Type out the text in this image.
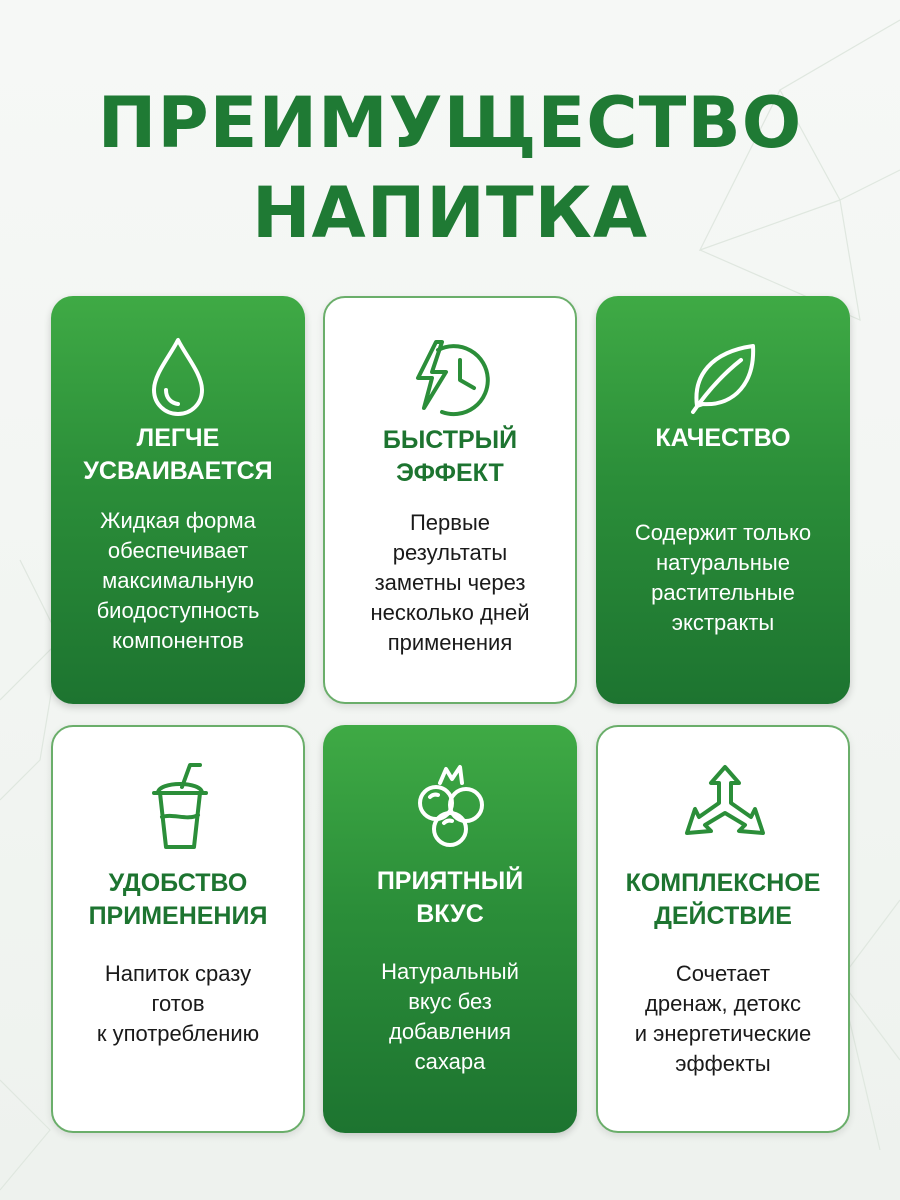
ПРЕИМУЩЕСТВО
НАПИТКА
ЛЕГЧЕ
УСВАИВАЕТСЯ
Жидкая форма
обеспечивает
максимальную
биодоступность
компонентов
БЫСТРЫЙ
ЭФФЕКТ
Первые
результаты
заметны через
несколько дней
применения
КАЧЕСТВО
Содержит только
натуральные
растительные
экстракты
УДОБСТВО
ПРИМЕНЕНИЯ
Напиток сразу
готов
к употреблению
ПРИЯТНЫЙ
ВКУС
Натуральный
вкус без
добавления
сахара
КОМПЛЕКСНОЕ
ДЕЙСТВИЕ
Сочетает
дренаж, детокс
и энергетические
эффекты
